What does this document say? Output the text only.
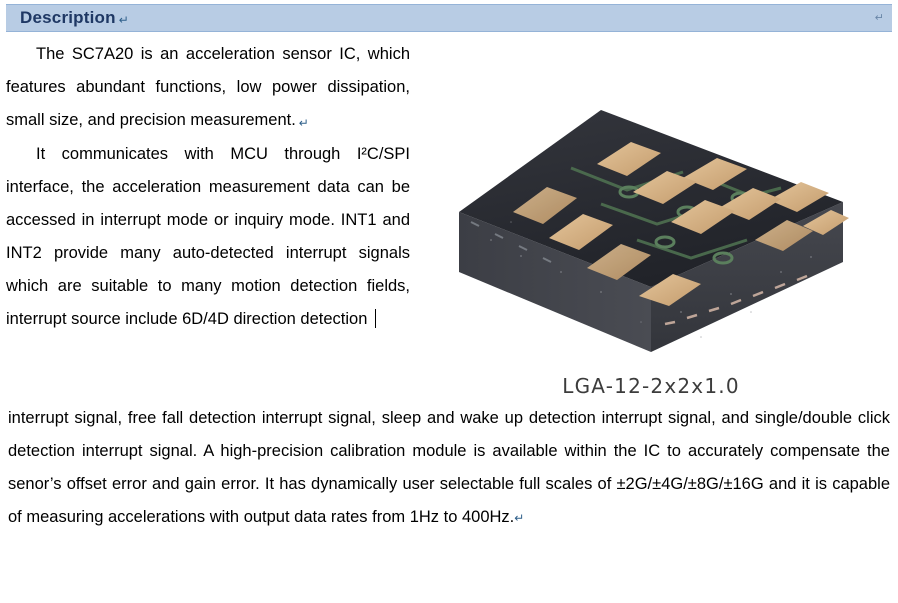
Description ↵	↵

The SC7A20 is an acceleration sensor IC, which features abundant functions, low power dissipation, small size, and precision measurement. ↵

It communicates with MCU through I²C/SPI interface, the acceleration measurement data can be accessed in interrupt mode or inquiry mode. INT1 and INT2 provide many auto-detected interrupt signals which are suitable to many motion detection fields, interrupt source include 6D/4D direction detection

LGA-12-2x2x1.0

interrupt signal, free fall detection interrupt signal, sleep and wake up detection interrupt signal, and single/double click detection interrupt signal. A high-precision calibration module is available within the IC to accurately compensate the senor’s offset error and gain error. It has dynamically user selectable full scales of ±2G/±4G/±8G/±16G and it is capable of measuring accelerations with output data rates from 1Hz to 400Hz.↵
